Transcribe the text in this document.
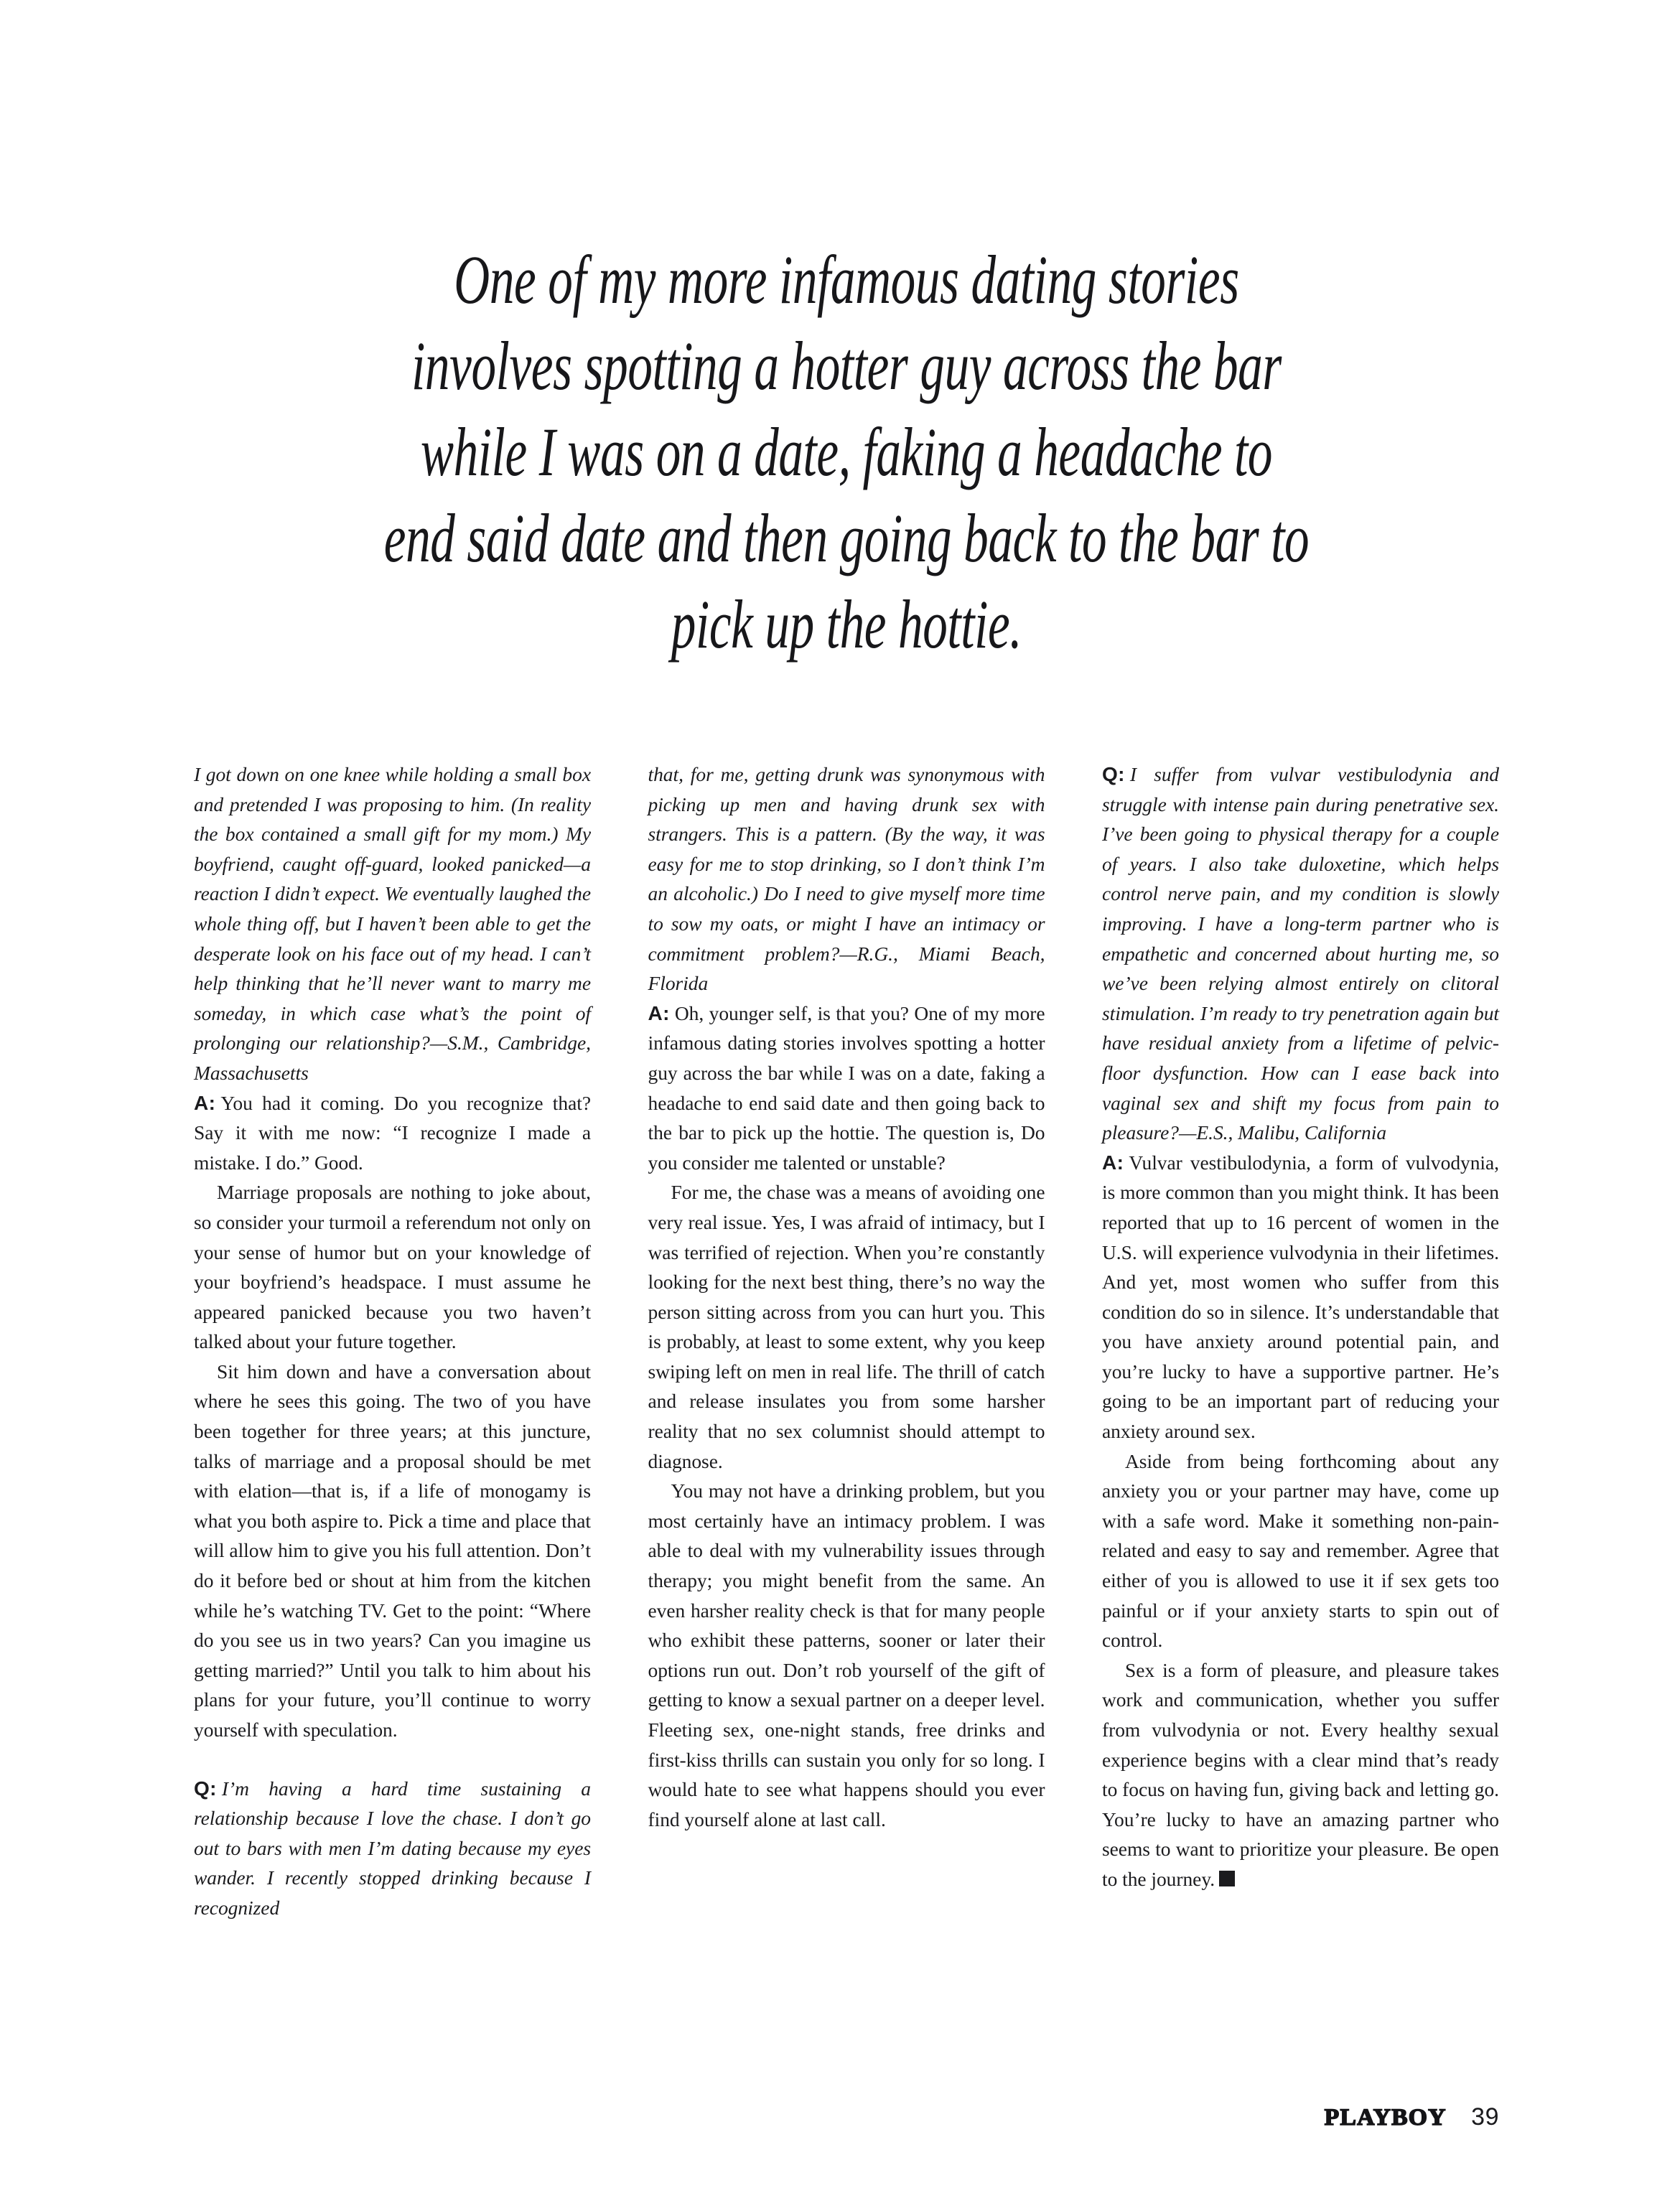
One of my more infamous dating stories
involves spotting a hotter guy across the bar
while I was on a date, faking a headache to
end said date and then going back to the bar to
pick up the hottie.

I got down on one knee while holding a small box and pretended I was proposing to him. (In reality the box contained a small gift for my mom.) My boyfriend, caught off-guard, looked panicked—a reaction I didn’t expect. We eventually laughed the whole thing off, but I haven’t been able to get the desperate look on his face out of my head. I can’t help thinking that he’ll never want to marry me someday, in which case what’s the point of prolonging our relationship?—S.M., Cambridge, Massachusetts

A: You had it coming. Do you recognize that? Say it with me now: “I recognize I made a mistake. I do.” Good.

Marriage proposals are nothing to joke about, so consider your turmoil a referendum not only on your sense of humor but on your knowledge of your boyfriend’s headspace. I must assume he appeared panicked because you two haven’t talked about your future together.

Sit him down and have a conversation about where he sees this going. The two of you have been together for three years; at this juncture, talks of marriage and a proposal should be met with elation—that is, if a life of monogamy is what you both aspire to. Pick a time and place that will allow him to give you his full attention. Don’t do it before bed or shout at him from the kitchen while he’s watching TV. Get to the point: “Where do you see us in two years? Can you imagine us getting married?” Until you talk to him about his plans for your future, you’ll continue to worry yourself with speculation.

Q: I’m having a hard time sustaining a relationship because I love the chase. I don’t go out to bars with men I’m dating because my eyes wander. I recently stopped drinking because I recognized

that, for me, getting drunk was synonymous with picking up men and having drunk sex with strangers. This is a pattern. (By the way, it was easy for me to stop drinking, so I don’t think I’m an alcoholic.) Do I need to give myself more time to sow my oats, or might I have an intimacy or commitment problem?—R.G., Miami Beach, Florida

A: Oh, younger self, is that you? One of my more infamous dating stories involves spotting a hotter guy across the bar while I was on a date, faking a headache to end said date and then going back to the bar to pick up the hottie. The question is, Do you consider me talented or unstable?

For me, the chase was a means of avoiding one very real issue. Yes, I was afraid of intimacy, but I was terrified of rejection. When you’re constantly looking for the next best thing, there’s no way the person sitting across from you can hurt you. This is probably, at least to some extent, why you keep swiping left on men in real life. The thrill of catch and release insulates you from some harsher reality that no sex columnist should attempt to diagnose.

You may not have a drinking problem, but you most certainly have an intimacy problem. I was able to deal with my vulnerability issues through therapy; you might benefit from the same. An even harsher reality check is that for many people who exhibit these patterns, sooner or later their options run out. Don’t rob yourself of the gift of getting to know a sexual partner on a deeper level. Fleeting sex, one-night stands, free drinks and first-kiss thrills can sustain you only for so long. I would hate to see what happens should you ever find yourself alone at last call.

Q: I suffer from vulvar vestibulodynia and struggle with intense pain during penetrative sex. I’ve been going to physical therapy for a couple of years. I also take duloxetine, which helps control nerve pain, and my condition is slowly improving. I have a long-term partner who is empathetic and concerned about hurting me, so we’ve been relying almost entirely on clitoral stimulation. I’m ready to try penetration again but have residual anxiety from a lifetime of pelvic-floor dysfunction. How can I ease back into vaginal sex and shift my focus from pain to pleasure?—E.S., Malibu, California

A: Vulvar vestibulodynia, a form of vulvodynia, is more common than you might think. It has been reported that up to 16 percent of women in the U.S. will experience vulvodynia in their lifetimes. And yet, most women who suffer from this condition do so in silence. It’s understandable that you have anxiety around potential pain, and you’re lucky to have a supportive partner. He’s going to be an important part of reducing your anxiety around sex.

Aside from being forthcoming about any anxiety you or your partner may have, come up with a safe word. Make it something non-pain-related and easy to say and remember. Agree that either of you is allowed to use it if sex gets too painful or if your anxiety starts to spin out of control.

Sex is a form of pleasure, and pleasure takes work and communication, whether you suffer from vulvodynia or not. Every healthy sexual experience begins with a clear mind that’s ready to focus on having fun, giving back and letting go. You’re lucky to have an amazing partner who seems to want to prioritize your pleasure. Be open to the journey.

PLAYBOY 39
